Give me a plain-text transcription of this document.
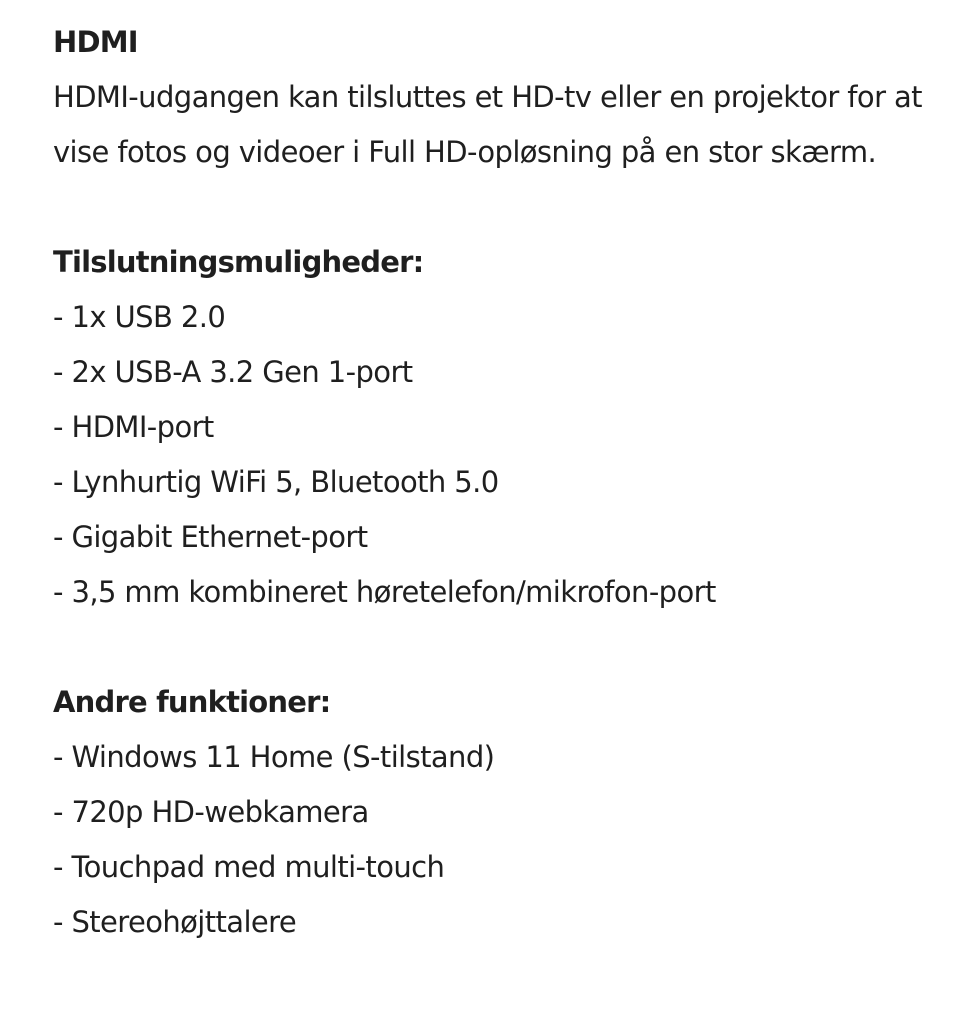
HDMI

HDMI-udgangen kan tilsluttes et HD-tv eller en projektor for at vise fotos og videoer i Full HD-opløsning på en stor skærm.

Tilslutningsmuligheder:
- 1x USB 2.0
- 2x USB-A 3.2 Gen 1-port
- HDMI-port
- Lynhurtig WiFi 5, Bluetooth 5.0
- Gigabit Ethernet-port
- 3,5 mm kombineret høretelefon/mikrofon-port
Andre funktioner:
- Windows 11 Home (S-tilstand)
- 720p HD-webkamera
- Touchpad med multi-touch
- Stereohøjttalere
